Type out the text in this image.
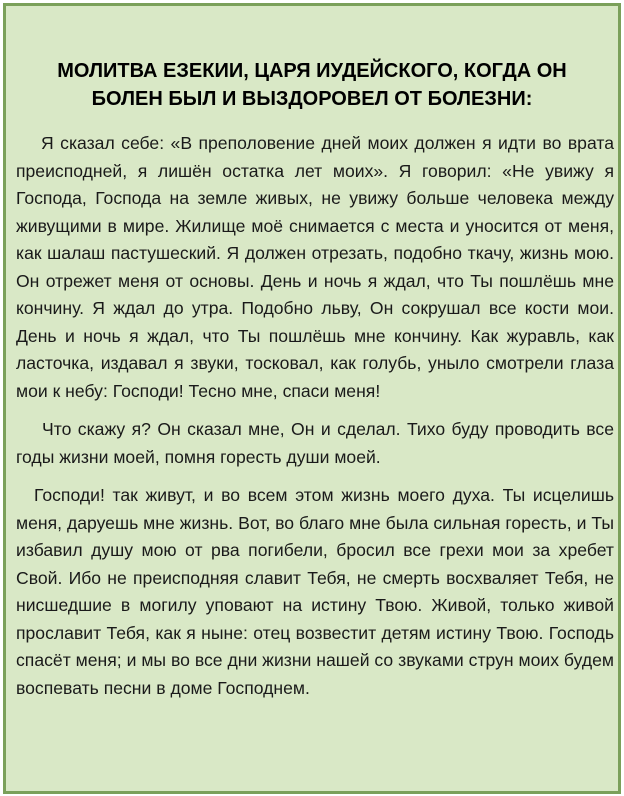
МОЛИТВА ЕЗЕКИИ, ЦАРЯ ИУДЕЙСКОГО, КОГДА ОН
БОЛЕН БЫЛ И ВЫЗДОРОВЕЛ ОТ БОЛЕЗНИ:

Я сказал себе: «В преполовение дней моих должен я идти во врата преисподней, я лишён остатка лет моих». Я говорил: «Не увижу я Господа, Господа на земле живых, не увижу больше человека между живущими в мире. Жилище моё снимается с места и уносится от меня, как шалаш пастушеский. Я должен отрезать, подобно ткачу, жизнь мою. Он отрежет меня от основы. День и ночь я ждал, что Ты пошлёшь мне кончину. Я ждал до утра. Подобно льву, Он сокрушал все кости мои. День и ночь я ждал, что Ты пошлёшь мне кончину. Как журавль, как ласточка, издавал я звуки, тосковал, как голубь, уныло смотрели глаза мои к небу: Господи! Тесно мне, спаси меня!

Что скажу я? Он сказал мне, Он и сделал. Тихо буду проводить все годы жизни моей, помня горесть души моей.

Господи! так живут, и во всем этом жизнь моего духа. Ты исцелишь меня, даруешь мне жизнь. Вот, во благо мне была сильная горесть, и Ты избавил душу мою от рва погибели, бросил все грехи мои за хребет Свой. Ибо не преисподняя славит Тебя, не смерть восхваляет Тебя, не нисшедшие в могилу уповают на истину Твою. Живой, только живой прославит Тебя, как я ныне: отец возвестит детям истину Твою. Господь спасёт меня; и мы во все дни жизни нашей со звуками струн моих будем воспевать песни в доме Господнем.
